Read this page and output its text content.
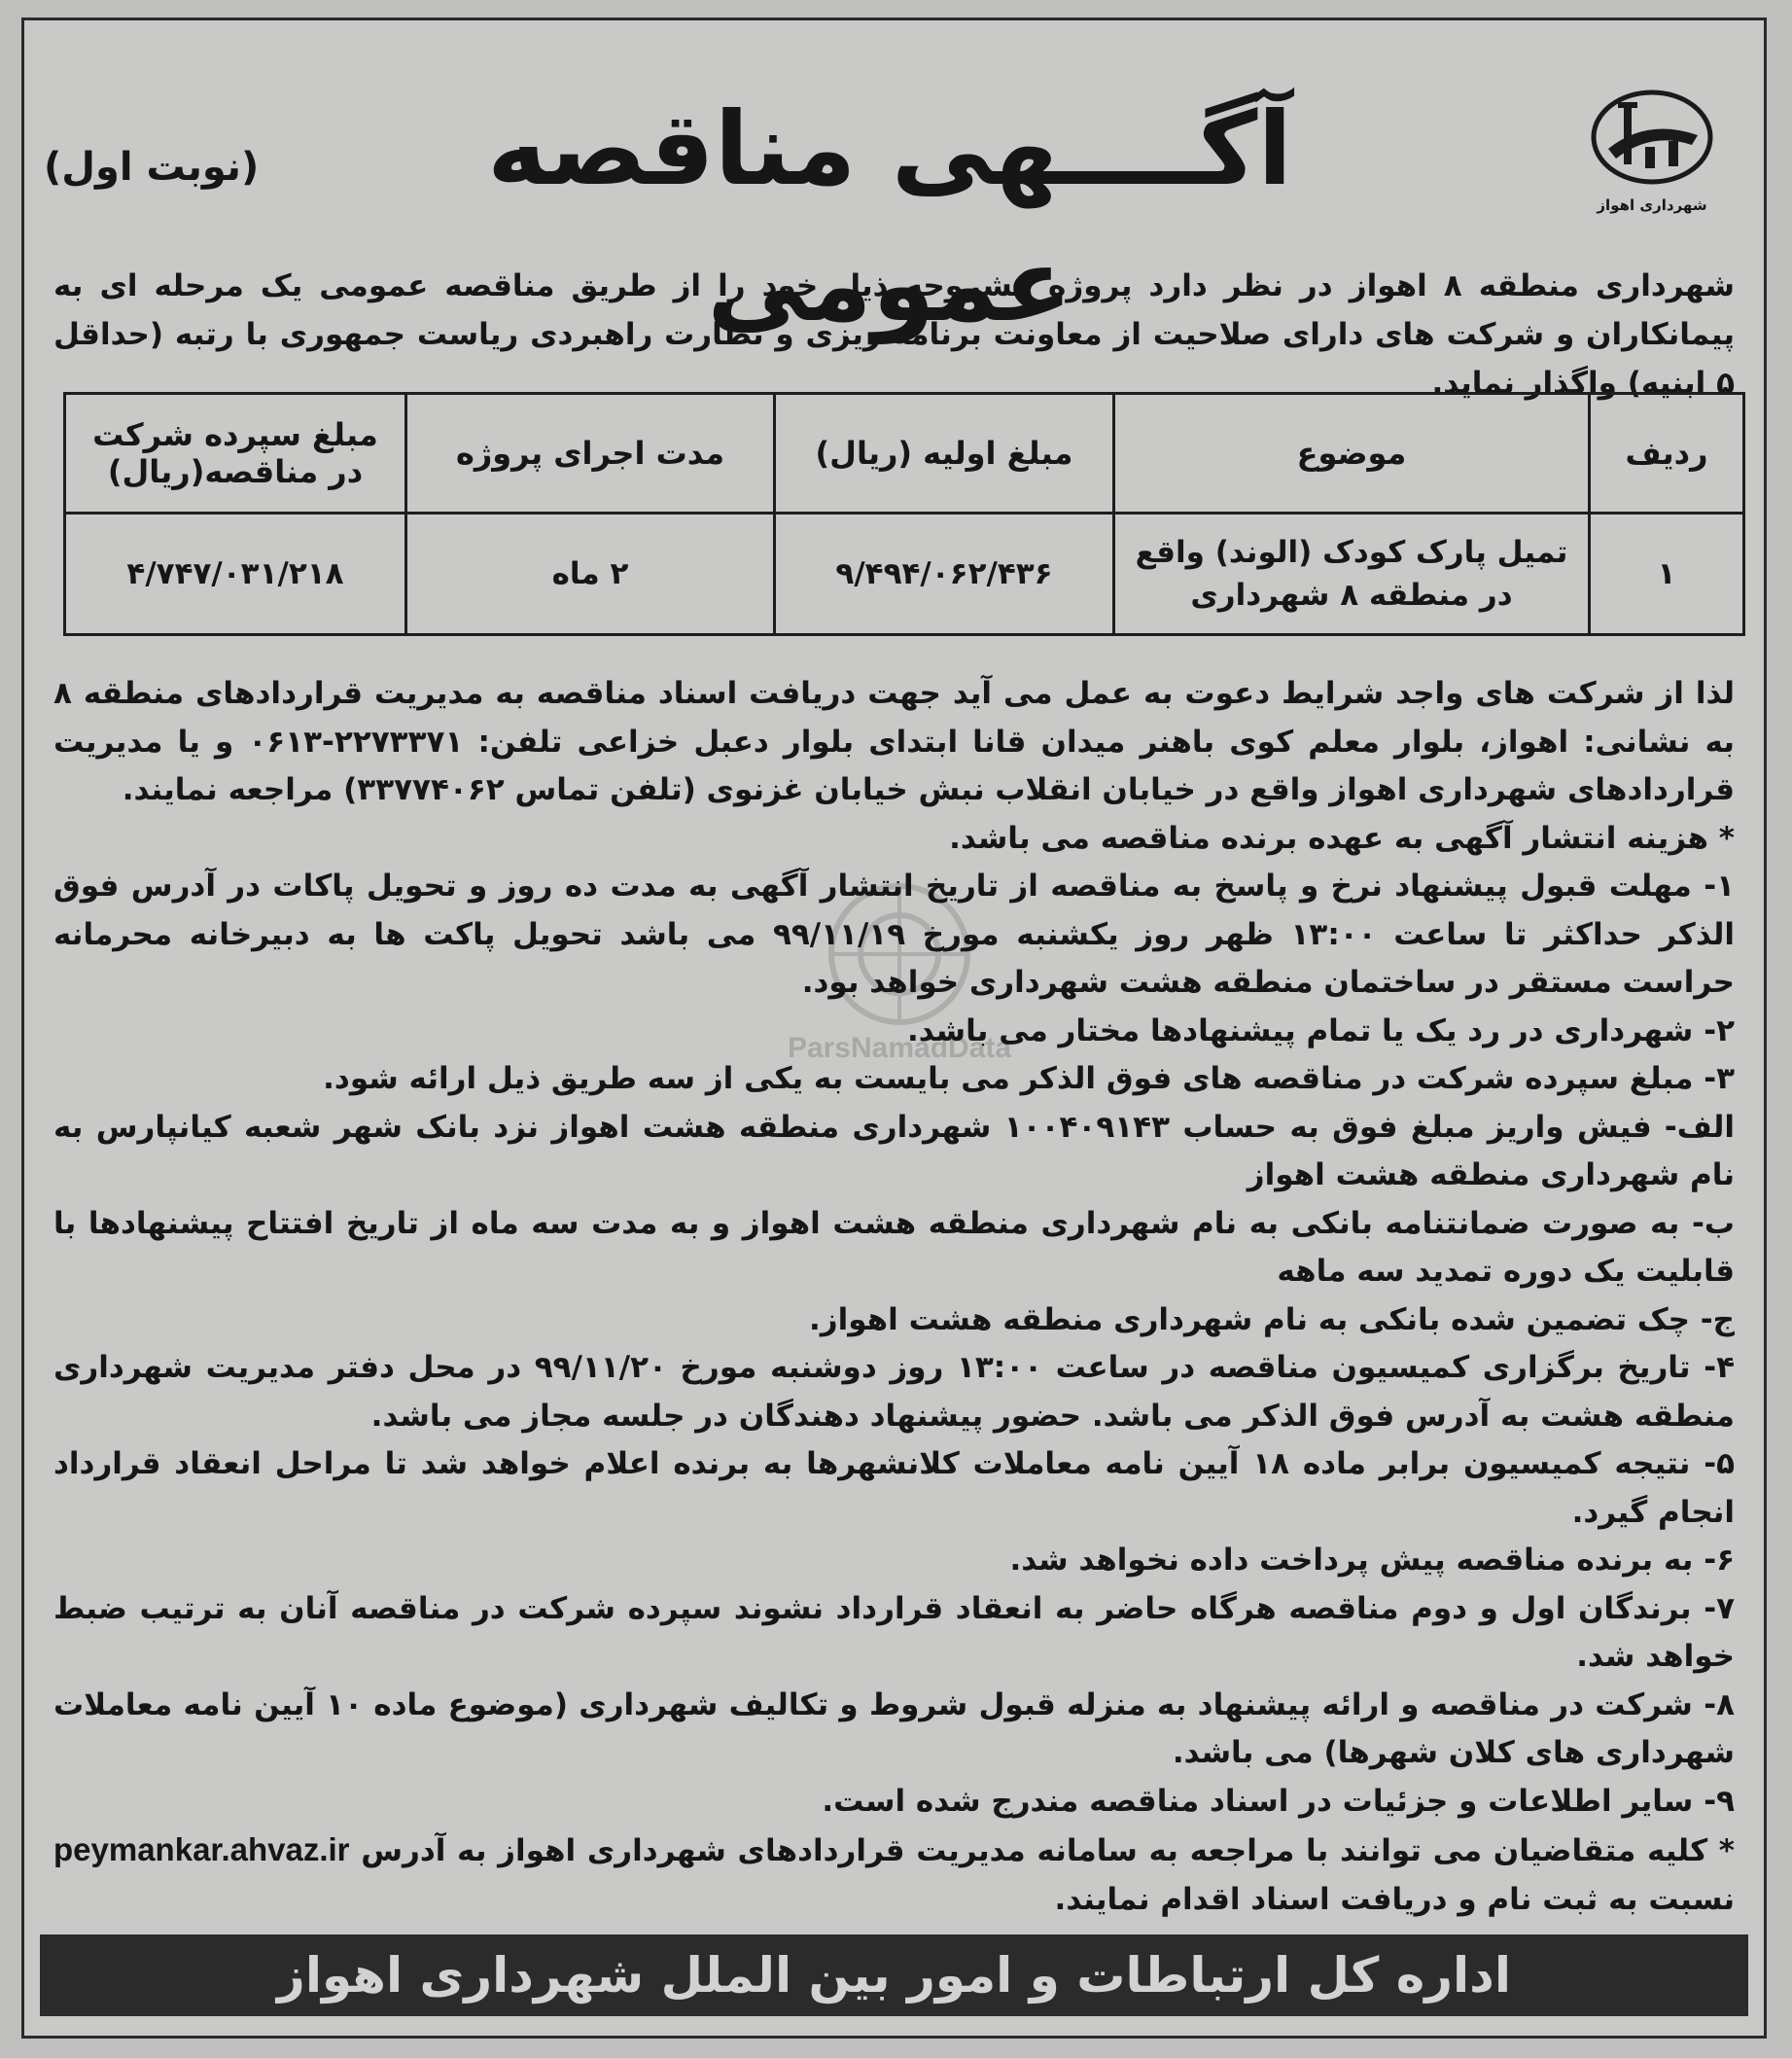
شهرداری اهواز
آگــــهی مناقصه عمومی
(نوبت اول)
شهرداری منطقه ۸ اهواز در نظر دارد پروژه مشروحه ذیل خود را از طریق مناقصه عمومی یک مرحله ای به پیمانکاران و شرکت های دارای صلاحیت از معاونت برنامه ریزی و نظارت راهبردی ریاست جمهوری با رتبه (حداقل ۵ ابنیه) واگذار نماید.
ردیف	موضوع	مبلغ اولیه (ریال)	مدت اجرای پروژه	مبلغ سپرده شرکت در مناقصه(ریال)
۱	تمیل پارک کودک (الوند) واقع در منطقه ۸ شهرداری	۹/۴۹۴/۰۶۲/۴۳۶	۲ ماه	۴/۷۴۷/۰۳۱/۲۱۸
ParsNamadData

لذا از شرکت های واجد شرایط دعوت به عمل می آید جهت دریافت اسناد مناقصه به مدیریت قراردادهای منطقه ۸ به نشانی: اهواز، بلوار معلم کوی باهنر میدان قانا ابتدای بلوار دعبل خزاعی تلفن: ۲۲۷۳۳۷۱-۰۶۱۳ و یا مدیریت قراردادهای شهرداری اهواز واقع در خیابان انقلاب نبش خیابان غزنوی (تلفن تماس ۳۳۷۷۴۰۶۲) مراجعه نمایند.

* هزینه انتشار آگهی به عهده برنده مناقصه می باشد.

۱- مهلت قبول پیشنهاد نرخ و پاسخ به مناقصه از تاریخ انتشار آگهی به مدت ده روز و تحویل پاکات در آدرس فوق الذکر حداکثر تا ساعت ۱۳:۰۰ ظهر روز یکشنبه مورخ ۹۹/۱۱/۱۹ می باشد تحویل پاکت ها به دبیرخانه محرمانه حراست مستقر در ساختمان منطقه هشت شهرداری خواهد بود.

۲- شهرداری در رد یک یا تمام پیشنهادها مختار می باشد.

۳- مبلغ سپرده شرکت در مناقصه های فوق الذکر می بایست به یکی از سه طریق ذیل ارائه شود.

الف- فیش واریز مبلغ فوق به حساب ۱۰۰۴۰۹۱۴۳ شهرداری منطقه هشت اهواز نزد بانک شهر شعبه کیانپارس به نام شهرداری منطقه هشت اهواز

ب- به صورت ضمانتنامه بانکی به نام شهرداری منطقه هشت اهواز و به مدت سه ماه از تاریخ افتتاح پیشنهادها با قابلیت یک دوره تمدید سه ماهه

ج- چک تضمین شده بانکی به نام شهرداری منطقه هشت اهواز.

۴- تاریخ برگزاری کمیسیون مناقصه در ساعت ۱۳:۰۰ روز دوشنبه مورخ ۹۹/۱۱/۲۰ در محل دفتر مدیریت شهرداری منطقه هشت به آدرس فوق الذکر می باشد. حضور پیشنهاد دهندگان در جلسه مجاز می باشد.

۵- نتیجه کمیسیون برابر ماده ۱۸ آیین نامه معاملات کلانشهرها به برنده اعلام خواهد شد تا مراحل انعقاد قرارداد انجام گیرد.

۶- به برنده مناقصه پیش پرداخت داده نخواهد شد.

۷- برندگان اول و دوم مناقصه هرگاه حاضر به انعقاد قرارداد نشوند سپرده شرکت در مناقصه آنان به ترتیب ضبط خواهد شد.

۸- شرکت در مناقصه و ارائه پیشنهاد به منزله قبول شروط و تکالیف شهرداری (موضوع ماده ۱۰ آیین نامه معاملات شهرداری های کلان شهرها) می باشد.

۹- سایر اطلاعات و جزئیات در اسناد مناقصه مندرج شده است.

* کلیه متقاضیان می توانند با مراجعه به سامانه مدیریت قراردادهای شهرداری اهواز به آدرس peymankar.ahvaz.ir نسبت به ثبت نام و دریافت اسناد اقدام نمایند.

اداره کل ارتباطات و امور بین الملل شهرداری اهواز
